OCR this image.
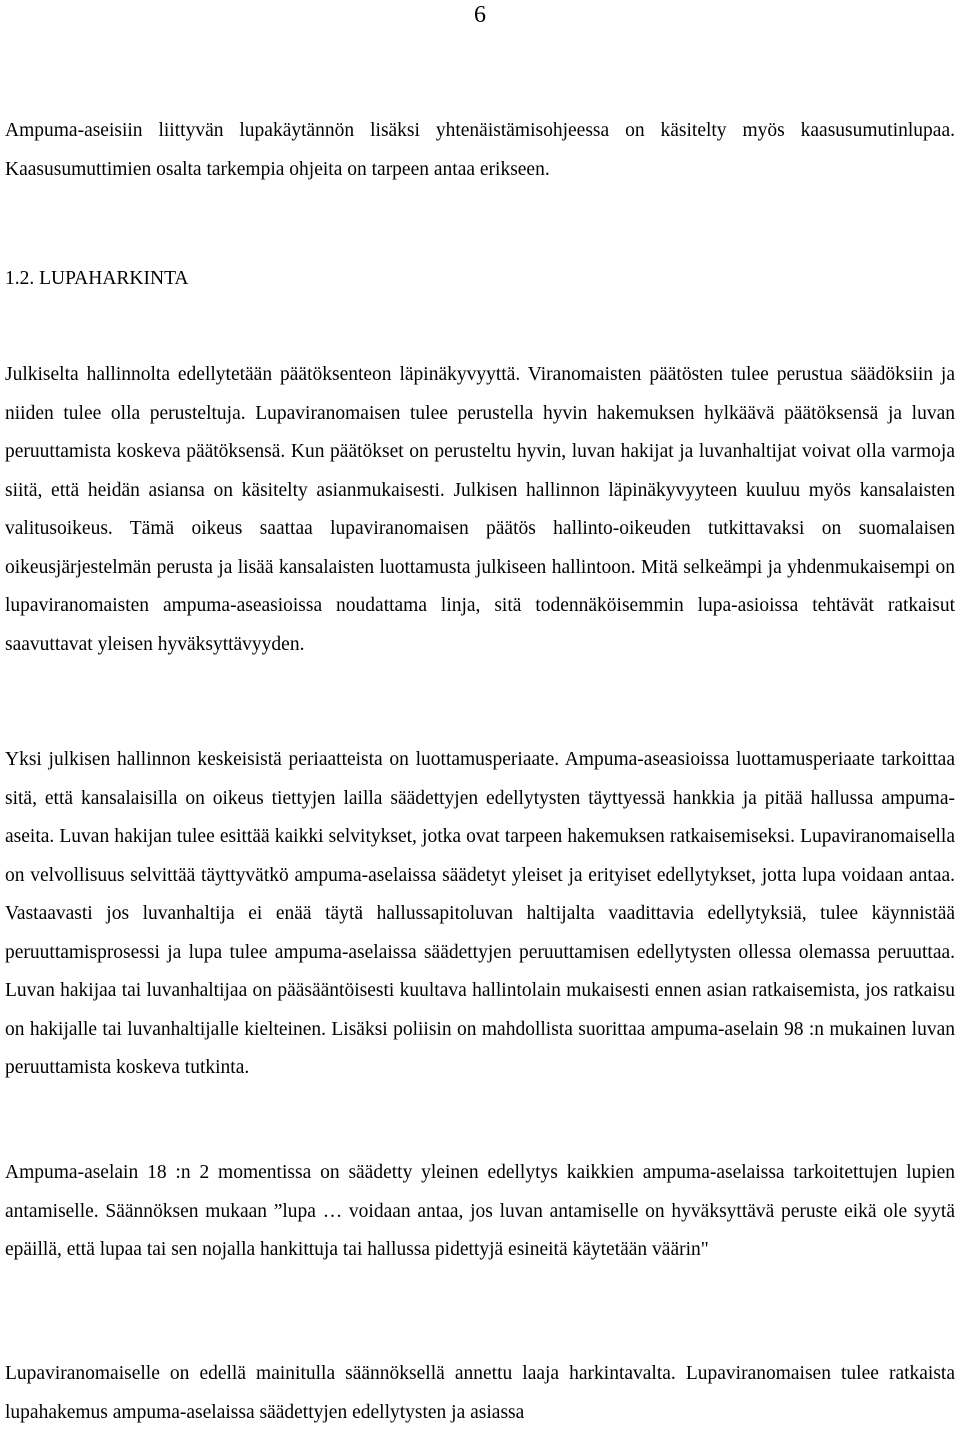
6

Ampuma-aseisiin liittyvän lupakäytännön lisäksi yhtenäistämisohjeessa on käsitelty myös kaasusumutinlupaa. Kaasusumuttimien osalta tarkempia ohjeita on tarpeen antaa erikseen.

1.2. LUPAHARKINTA

Julkiselta hallinnolta edellytetään päätöksenteon läpinäkyvyyttä. Viranomaisten päätösten tulee perustua säädöksiin ja niiden tulee olla perusteltuja. Lupaviranomaisen tulee perustella hyvin hakemuksen hylkäävä päätöksensä ja luvan peruuttamista koskeva päätöksensä. Kun päätökset on perusteltu hyvin, luvan hakijat ja luvanhaltijat voivat olla varmoja siitä, että heidän asiansa on käsitelty asianmukaisesti. Julkisen hallinnon läpinäkyvyyteen kuuluu myös kansalaisten valitusoikeus. Tämä oikeus saattaa lupaviranomaisen päätös hallinto-oikeuden tutkittavaksi on suomalaisen oikeusjärjestelmän perusta ja lisää kansalaisten luottamusta julkiseen hallintoon. Mitä selkeämpi ja yhdenmukaisempi on lupaviranomaisten ampuma-aseasioissa noudattama linja, sitä todennäköisemmin lupa-asioissa tehtävät ratkaisut saavuttavat yleisen hyväksyttävyyden.

Yksi julkisen hallinnon keskeisistä periaatteista on luottamusperiaate. Ampuma-aseasioissa luottamusperiaate tarkoittaa sitä, että kansalaisilla on oikeus tiettyjen lailla säädettyjen edellytysten täyttyessä hankkia ja pitää hallussa ampuma-aseita. Luvan hakijan tulee esittää kaikki selvitykset, jotka ovat tarpeen hakemuksen ratkaisemiseksi. Lupaviranomaisella on velvollisuus selvittää täyttyvätkö ampuma-aselaissa säädetyt yleiset ja erityiset edellytykset, jotta lupa voidaan antaa. Vastaavasti jos luvanhaltija ei enää täytä hallussapitoluvan haltijalta vaadittavia edellytyksiä, tulee käynnistää peruuttamisprosessi ja lupa tulee ampuma-aselaissa säädettyjen peruuttamisen edellytysten ollessa olemassa peruuttaa. Luvan hakijaa tai luvanhaltijaa on pääsääntöisesti kuultava hallintolain mukaisesti ennen asian ratkaisemista, jos ratkaisu on hakijalle tai luvanhaltijalle kielteinen. Lisäksi poliisin on mahdollista suorittaa ampuma-aselain 98 :n mukainen luvan peruuttamista koskeva tutkinta.

Ampuma-aselain 18 :n 2 momentissa on säädetty yleinen edellytys kaikkien ampuma-aselaissa tarkoitettujen lupien antamiselle. Säännöksen mukaan ”lupa … voidaan antaa, jos luvan antamiselle on hyväksyttävä peruste eikä ole syytä epäillä, että lupaa tai sen nojalla hankittuja tai hallussa pidettyjä esineitä käytetään väärin"

Lupaviranomaiselle on edellä mainitulla säännöksellä annettu laaja harkintavalta. Lupaviranomaisen tulee ratkaista lupahakemus ampuma-aselaissa säädettyjen edellytysten ja asiassa
